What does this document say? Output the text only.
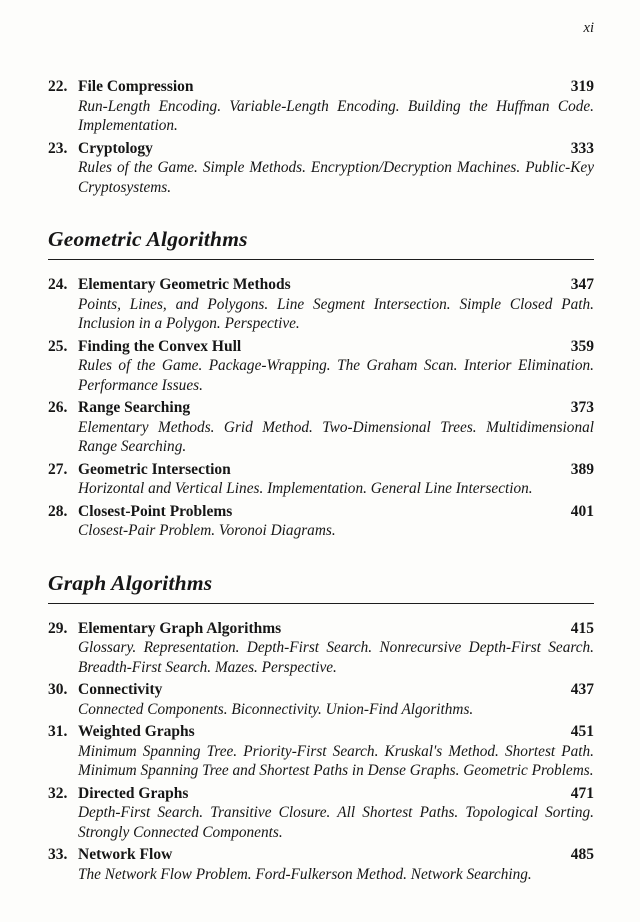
xi
22. File Compression	319
Run-Length Encoding. Variable-Length Encoding. Building the Huffman Code. Implementation.
23. Cryptology	333
Rules of the Game. Simple Methods. Encryption/Decryption Machines. Public-Key Cryptosystems.
Geometric Algorithms
24. Elementary Geometric Methods	347
Points, Lines, and Polygons. Line Segment Intersection. Simple Closed Path. Inclusion in a Polygon. Perspective.
25. Finding the Convex Hull	359
Rules of the Game. Package-Wrapping. The Graham Scan. Interior Elimination. Performance Issues.
26. Range Searching	373
Elementary Methods. Grid Method. Two-Dimensional Trees. Multidimensional Range Searching.
27. Geometric Intersection	389
Horizontal and Vertical Lines. Implementation. General Line Intersection.
28. Closest-Point Problems	401
Closest-Pair Problem. Voronoi Diagrams.
Graph Algorithms
29. Elementary Graph Algorithms	415
Glossary. Representation. Depth-First Search. Nonrecursive Depth-First Search. Breadth-First Search. Mazes. Perspective.
30. Connectivity	437
Connected Components. Biconnectivity. Union-Find Algorithms.
31. Weighted Graphs	451
Minimum Spanning Tree. Priority-First Search. Kruskal's Method. Shortest Path. Minimum Spanning Tree and Shortest Paths in Dense Graphs. Geometric Problems.
32. Directed Graphs	471
Depth-First Search. Transitive Closure. All Shortest Paths. Topological Sorting. Strongly Connected Components.
33. Network Flow	485
The Network Flow Problem. Ford-Fulkerson Method. Network Searching.
